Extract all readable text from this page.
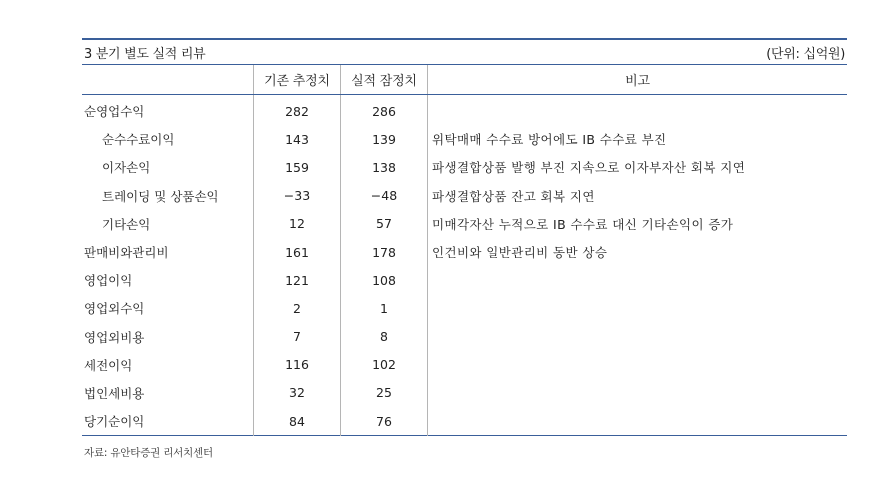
3 분기 별도 실적 리뷰	(단위: 십억원)
	기존 추정치	실적 잠정치	비고
순영업수익	282	286	
순수수료이익	143	139	위탁매매 수수료 방어에도 IB 수수료 부진
이자손익	159	138	파생결합상품 발행 부진 지속으로 이자부자산 회복 지연
트레이딩 및 상품손익	−33	−48	파생결합상품 잔고 회복 지연
기타손익	12	57	미매각자산 누적으로 IB 수수료 대신 기타손익이 증가
판매비와관리비	161	178	인건비와 일반관리비 동반 상승
영업이익	121	108	
영업외수익	2	1	
영업외비용	7	8	
세전이익	116	102	
법인세비용	32	25	
당기순이익	84	76	
자료: 유안타증권 리서치센터
